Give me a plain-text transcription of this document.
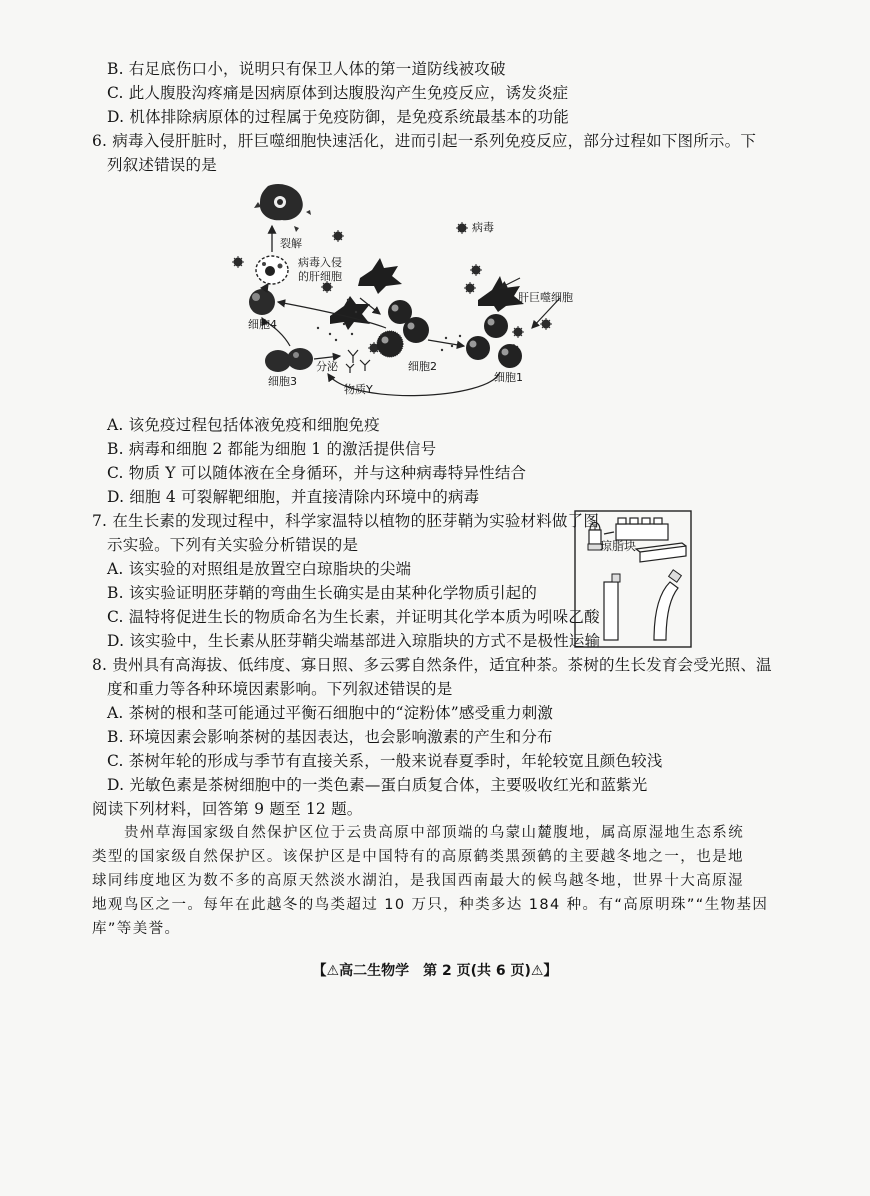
B. 右足底伤口小，说明只有保卫人体的第一道防线被攻破
C. 此人腹股沟疼痛是因病原体到达腹股沟产生免疫反应，诱发炎症
D. 机体排除病原体的过程属于免疫防御，是免疫系统最基本的功能
6. 病毒入侵肝脏时，肝巨噬细胞快速活化，进而引起一系列免疫反应，部分过程如下图所示。下
列叙述错误的是
裂解
病毒入侵
的肝细胞
病毒
肝巨噬细胞
细胞4
细胞3
分泌
物质Y
细胞2
细胞1
A. 该免疫过程包括体液免疫和细胞免疫
B. 病毒和细胞 2 都能为细胞 1 的激活提供信号
C. 物质 Y 可以随体液在全身循环，并与这种病毒特异性结合
D. 细胞 4 可裂解靶细胞，并直接清除内环境中的病毒
7. 在生长素的发现过程中，科学家温特以植物的胚芽鞘为实验材料做了图
示实验。下列有关实验分析错误的是
A. 该实验的对照组是放置空白琼脂块的尖端
B. 该实验证明胚芽鞘的弯曲生长确实是由某种化学物质引起的
C. 温特将促进生长的物质命名为生长素，并证明其化学本质为吲哚乙酸
D. 该实验中，生长素从胚芽鞘尖端基部进入琼脂块的方式不是极性运输
琼脂块
8. 贵州具有高海拔、低纬度、寡日照、多云雾自然条件，适宜种茶。茶树的生长发育会受光照、温
度和重力等各种环境因素影响。下列叙述错误的是
A. 茶树的根和茎可能通过平衡石细胞中的“淀粉体”感受重力刺激
B. 环境因素会影响茶树的基因表达，也会影响激素的产生和分布
C. 茶树年轮的形成与季节有直接关系，一般来说春夏季时，年轮较宽且颜色较浅
D. 光敏色素是茶树细胞中的一类色素—蛋白质复合体，主要吸收红光和蓝紫光
阅读下列材料，回答第 9 题至 12 题。
贵州草海国家级自然保护区位于云贵高原中部顶端的乌蒙山麓腹地，属高原湿地生态系统
类型的国家级自然保护区。该保护区是中国特有的高原鹤类黑颈鹤的主要越冬地之一，也是地
球同纬度地区为数不多的高原天然淡水湖泊，是我国西南最大的候鸟越冬地，世界十大高原湿
地观鸟区之一。每年在此越冬的鸟类超过 10 万只，种类多达 184 种。有“高原明珠”“生物基因
库”等美誉。
【⚠高二生物学　第 2 页(共 6 页)⚠】
